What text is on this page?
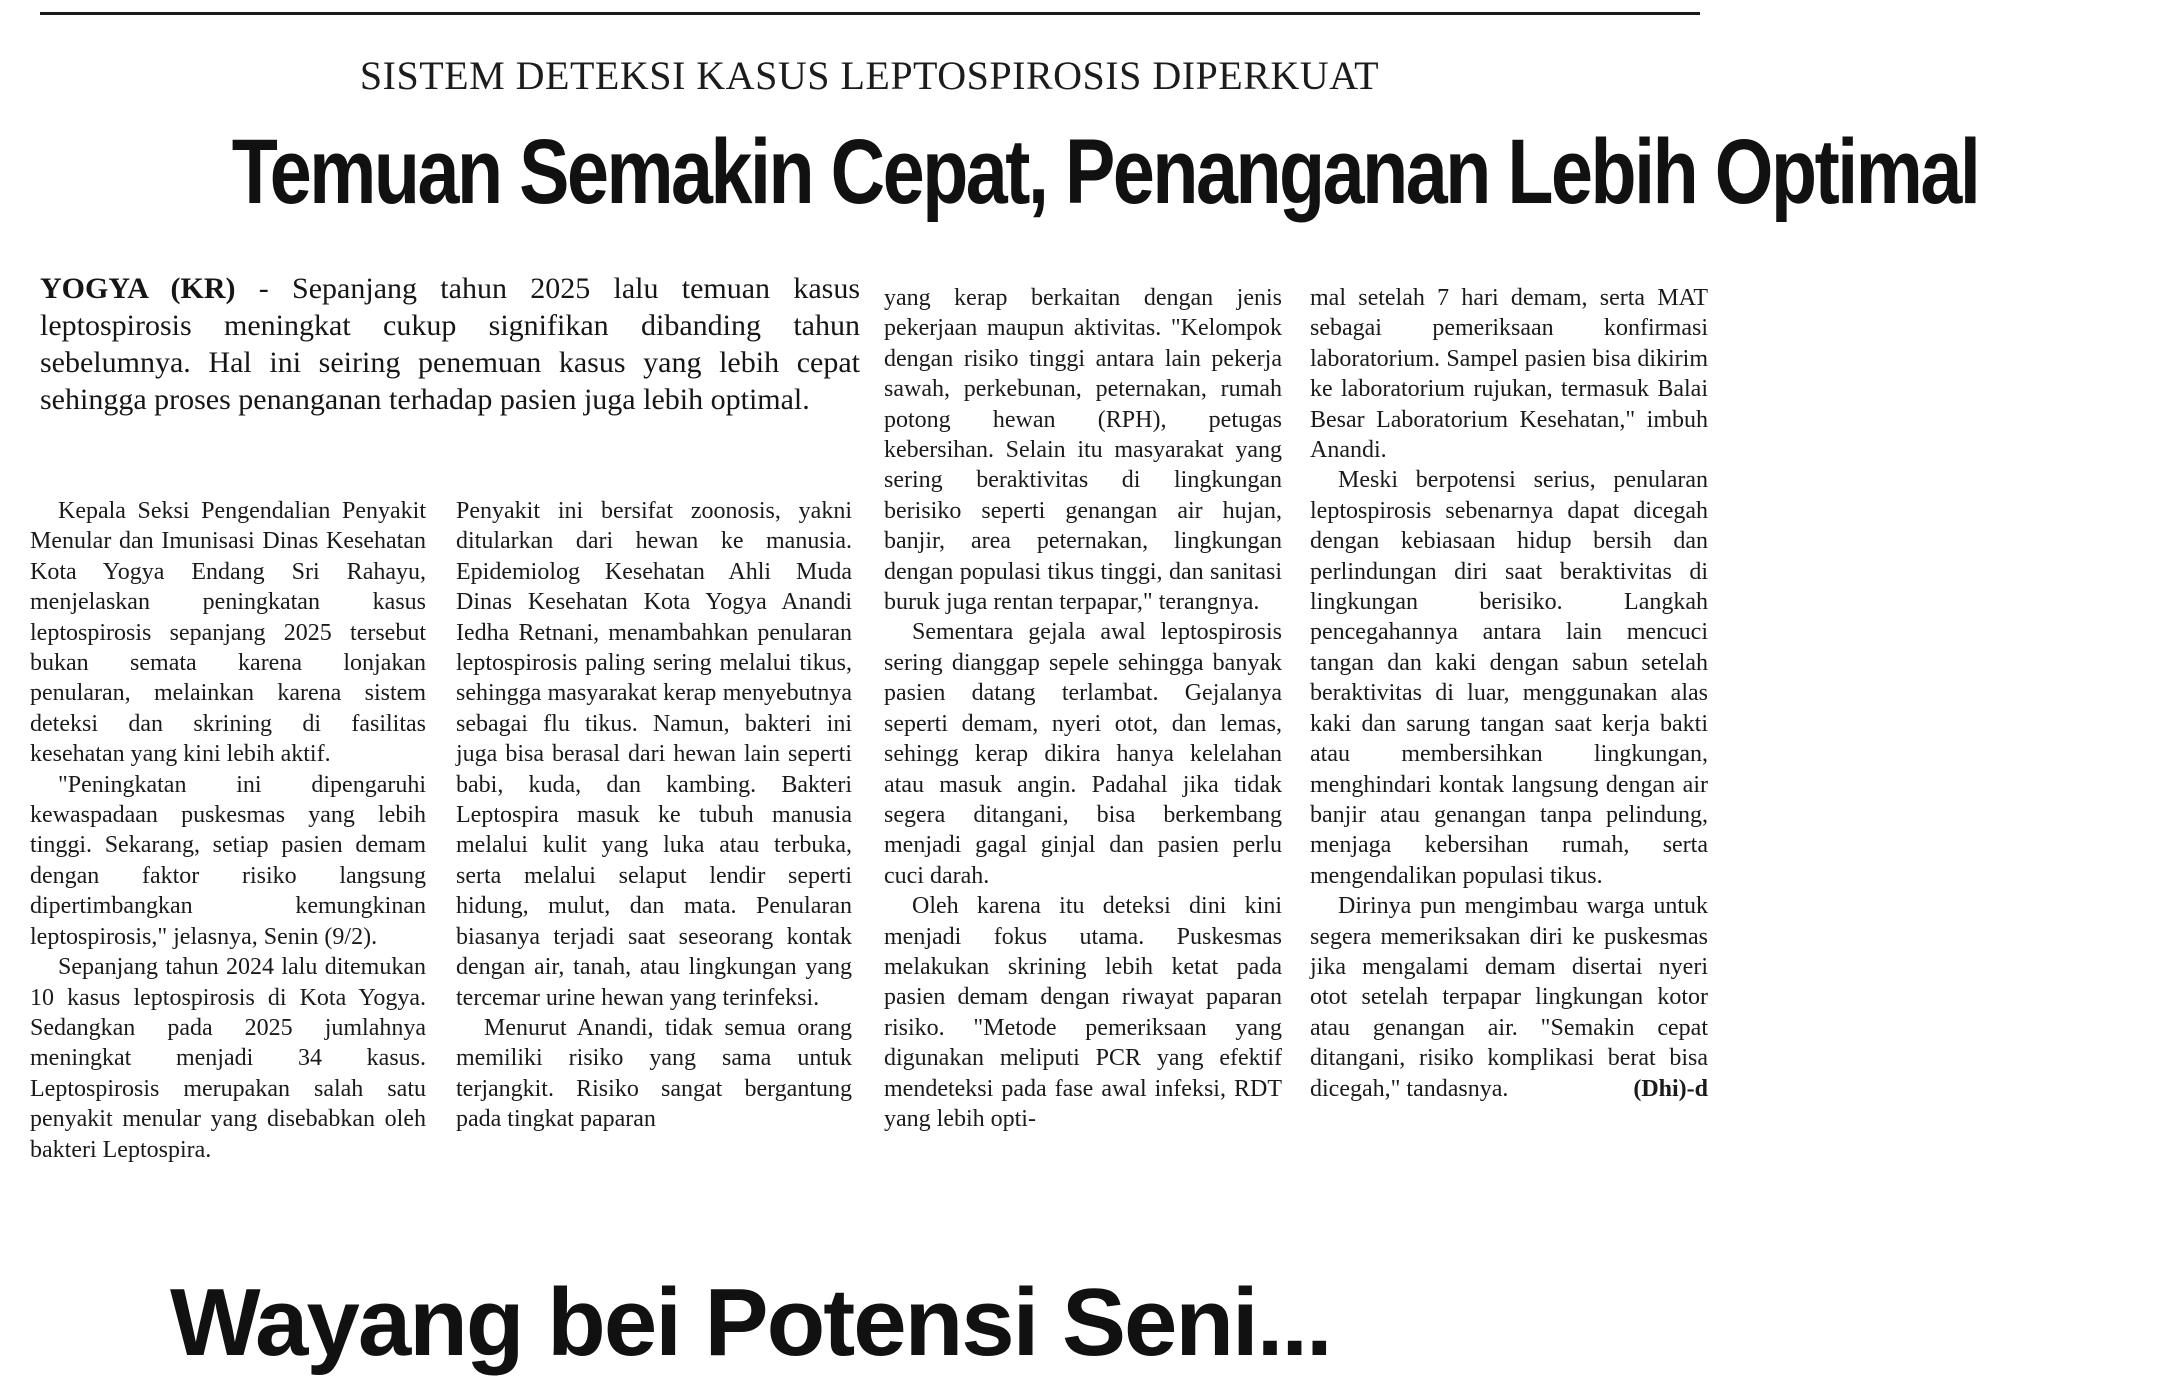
SISTEM DETEKSI KASUS LEPTOSPIROSIS DIPERKUAT
Temuan Semakin Cepat, Penanganan Lebih Optimal
YOGYA (KR) - Sepanjang tahun 2025 lalu temuan kasus leptospirosis meningkat cukup signifikan dibanding tahun sebelumnya. Hal ini seiring penemuan kasus yang lebih cepat sehingga proses penanganan terhadap pasien juga lebih optimal.

Kepala Seksi Pengendalian Penyakit Menular dan Imunisasi Dinas Kesehatan Kota Yogya Endang Sri Rahayu, menjelaskan peningkatan kasus leptospirosis sepanjang 2025 tersebut bukan semata karena lonjakan penularan, melainkan karena sistem deteksi dan skrining di fasilitas kesehatan yang kini lebih aktif.

"Peningkatan ini dipengaruhi kewaspadaan puskesmas yang lebih tinggi. Sekarang, setiap pasien demam dengan faktor risiko langsung dipertimbangkan kemungkinan leptospirosis," jelasnya, Senin (9/2).

Sepanjang tahun 2024 lalu ditemukan 10 kasus leptospirosis di Kota Yogya. Sedangkan pada 2025 jumlahnya meningkat menjadi 34 kasus. Leptospirosis merupakan salah satu penyakit menular yang disebabkan oleh bakteri Leptospira.

Penyakit ini bersifat zoonosis, yakni ditularkan dari hewan ke manusia. Epidemiolog Kesehatan Ahli Muda Dinas Kesehatan Kota Yogya Anandi Iedha Retnani, menambahkan penularan leptospirosis paling sering melalui tikus, sehingga masyarakat kerap menyebutnya sebagai flu tikus. Namun, bakteri ini juga bisa berasal dari hewan lain seperti babi, kuda, dan kambing. Bakteri Leptospira masuk ke tubuh manusia melalui kulit yang luka atau terbuka, serta melalui selaput lendir seperti hidung, mulut, dan mata. Penularan biasanya terjadi saat seseorang kontak dengan air, tanah, atau lingkungan yang tercemar urine hewan yang terinfeksi.

Menurut Anandi, tidak semua orang memiliki risiko yang sama untuk terjangkit. Risiko sangat bergantung pada tingkat paparan

yang kerap berkaitan dengan jenis pekerjaan maupun aktivitas. "Kelompok dengan risiko tinggi antara lain pekerja sawah, perkebunan, peternakan, rumah potong hewan (RPH), petugas kebersihan. Selain itu masyarakat yang sering beraktivitas di lingkungan berisiko seperti genangan air hujan, banjir, area peternakan, lingkungan dengan populasi tikus tinggi, dan sanitasi buruk juga rentan terpapar," terangnya.

Sementara gejala awal leptospirosis sering dianggap sepele sehingga banyak pasien datang terlambat. Gejalanya seperti demam, nyeri otot, dan lemas, sehingg kerap dikira hanya kelelahan atau masuk angin. Padahal jika tidak segera ditangani, bisa berkembang menjadi gagal ginjal dan pasien perlu cuci darah.

Oleh karena itu deteksi dini kini menjadi fokus utama. Puskesmas melakukan skrining lebih ketat pada pasien demam dengan riwayat paparan risiko. "Metode pemeriksaan yang digunakan meliputi PCR yang efektif mendeteksi pada fase awal infeksi, RDT yang lebih opti-

mal setelah 7 hari demam, serta MAT sebagai pemeriksaan konfirmasi laboratorium. Sampel pasien bisa dikirim ke laboratorium rujukan, termasuk Balai Besar Laboratorium Kesehatan," imbuh Anandi.

Meski berpotensi serius, penularan leptospirosis sebenarnya dapat dicegah dengan kebiasaan hidup bersih dan perlindungan diri saat beraktivitas di lingkungan berisiko. Langkah pencegahannya antara lain mencuci tangan dan kaki dengan sabun setelah beraktivitas di luar, menggunakan alas kaki dan sarung tangan saat kerja bakti atau membersihkan lingkungan, menghindari kontak langsung dengan air banjir atau genangan tanpa pelindung, menjaga kebersihan rumah, serta mengendalikan populasi tikus.

Dirinya pun mengimbau warga untuk segera memeriksakan diri ke puskesmas jika mengalami demam disertai nyeri otot setelah terpapar lingkungan kotor atau genangan air. "Semakin cepat ditangani, risiko komplikasi berat bisa dicegah," tandasnya.	(Dhi)-d

Wayang bei Potensi Seni...
